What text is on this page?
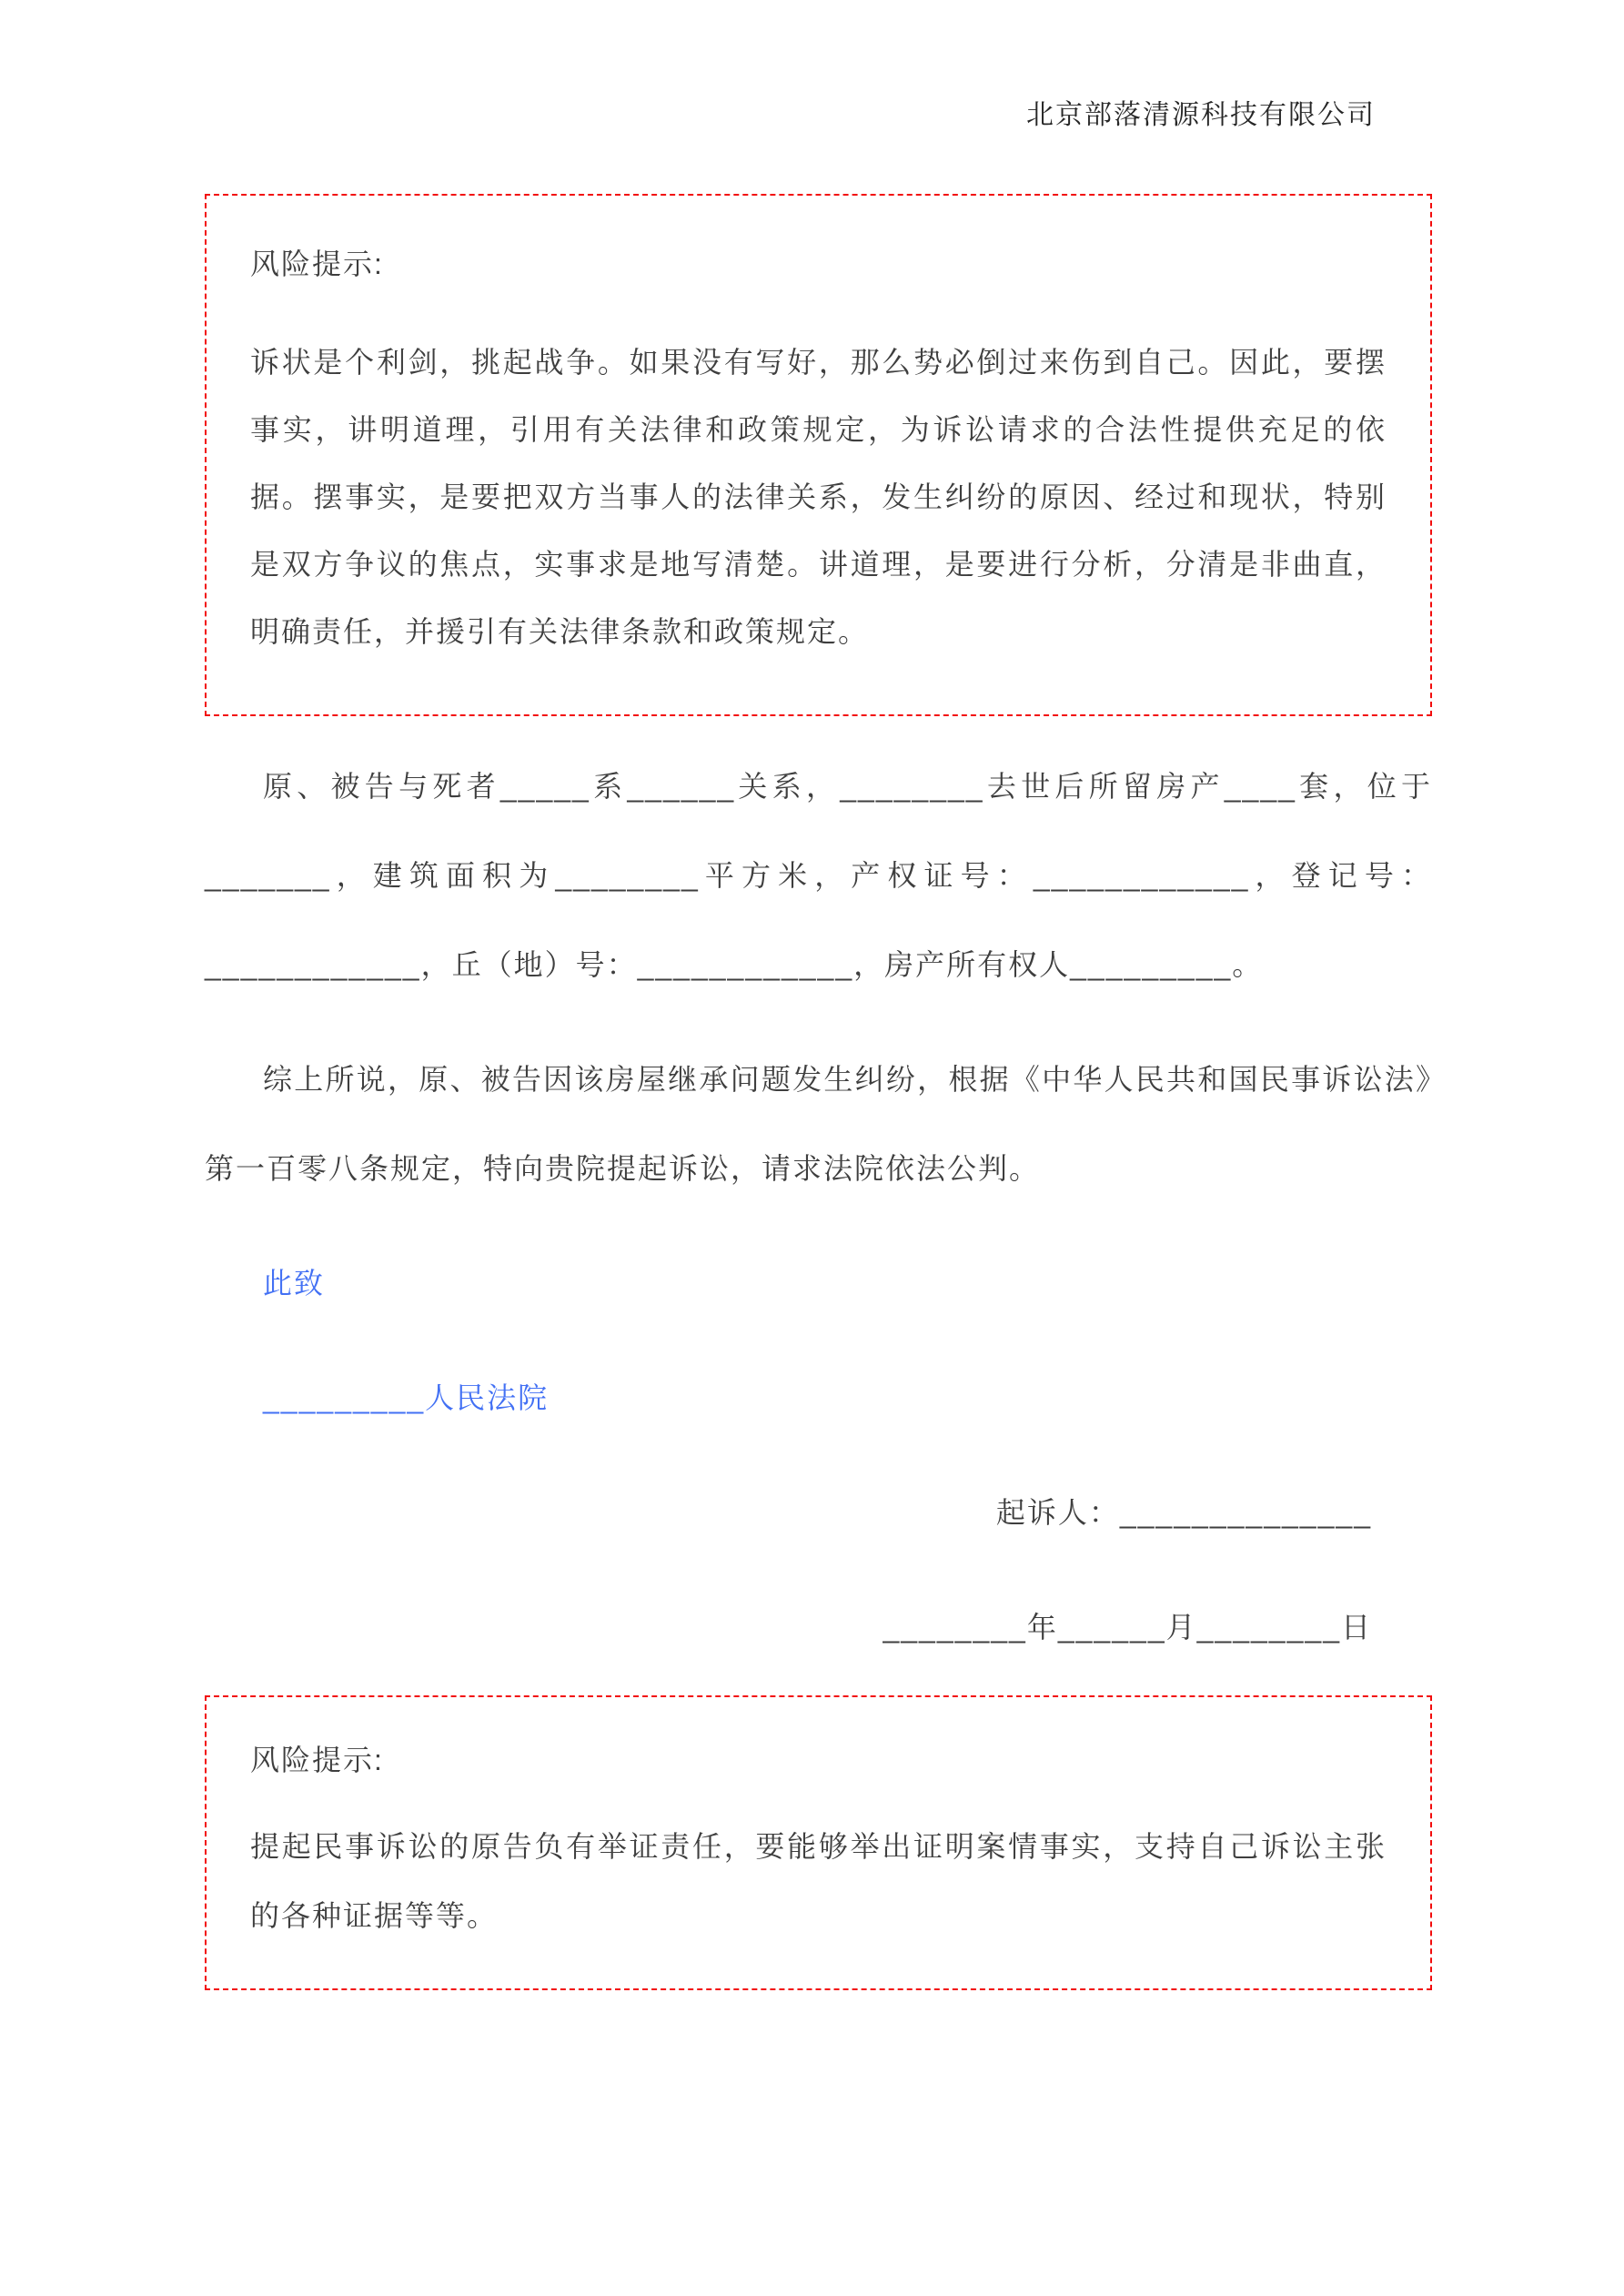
北京部落清源科技有限公司

风险提示:

诉状是个利剑，挑起战争。如果没有写好，那么势必倒过来伤到自己。因此，要摆事实，讲明道理，引用有关法律和政策规定，为诉讼请求的合法性提供充足的依据。摆事实，是要把双方当事人的法律关系，发生纠纷的原因、经过和现状，特别是双方争议的焦点，实事求是地写清楚。讲道理，是要进行分析，分清是非曲直，明确责任，并援引有关法律条款和政策规定。

原、被告与死者_____系______关系，________去世后所留房产____套，位于_______，建筑面积为________平方米，产权证号：____________，登记号：____________，丘（地）号：____________，房产所有权人_________。

综上所说，原、被告因该房屋继承问题发生纠纷，根据《中华人民共和国民事诉讼法》第一百零八条规定，特向贵院提起诉讼，请求法院依法公判。

此致

_________人民法院

起诉人：______________

________年______月________日

风险提示:

提起民事诉讼的原告负有举证责任，要能够举出证明案情事实，支持自己诉讼主张的各种证据等等。
